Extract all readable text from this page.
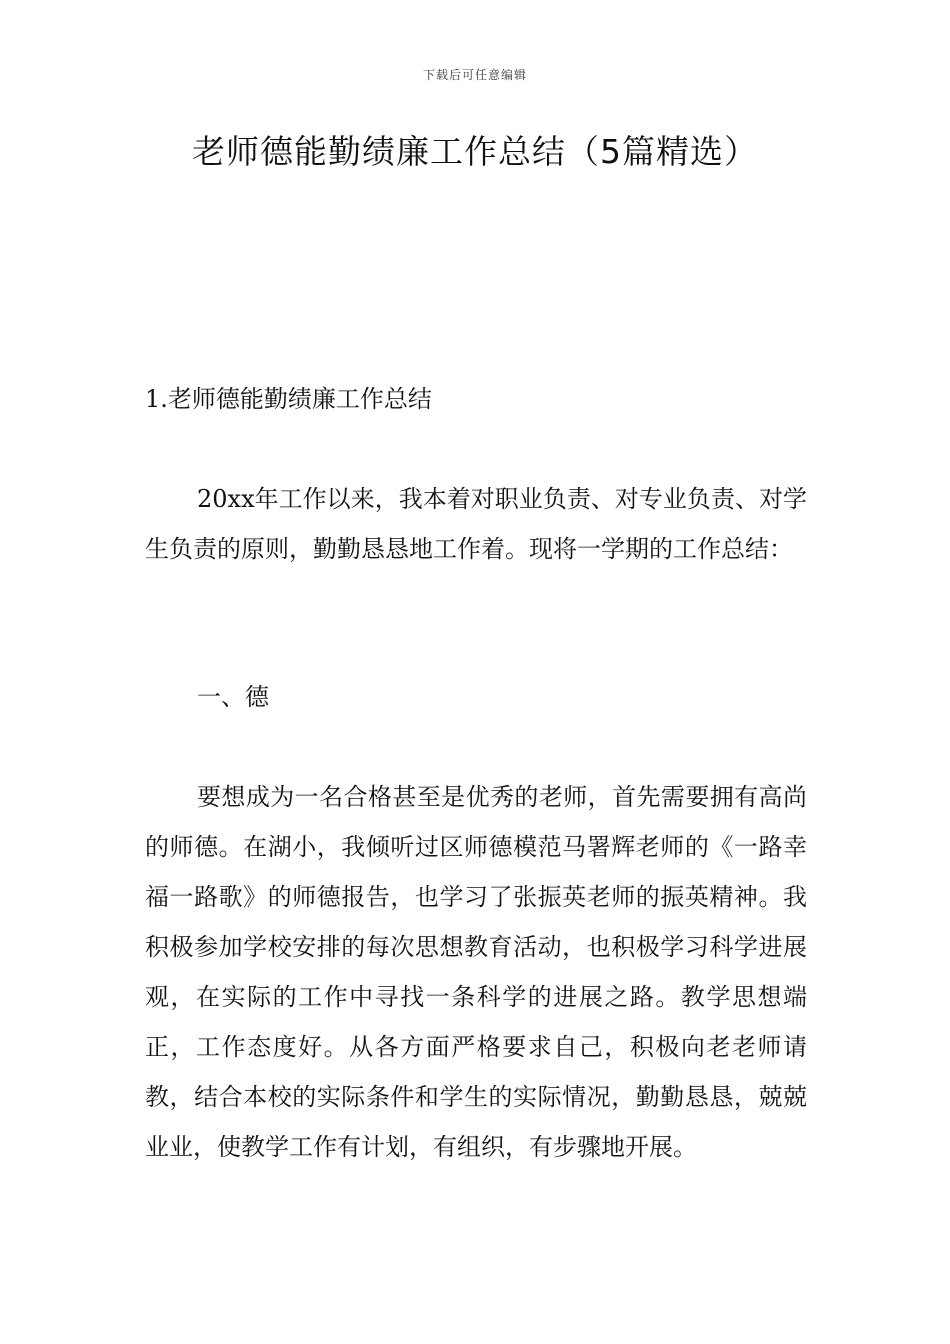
下载后可任意编辑
老师德能勤绩廉工作总结（5篇精选）
1.老师德能勤绩廉工作总结

20xx年工作以来，我本着对职业负责、对专业负责、对学生负责的原则，勤勤恳恳地工作着。现将一学期的工作总结：

一、德

要想成为一名合格甚至是优秀的老师，首先需要拥有高尚的师德。在湖小，我倾听过区师德模范马署辉老师的《一路幸福一路歌》的师德报告，也学习了张振英老师的振英精神。我积极参加学校安排的每次思想教育活动，也积极学习科学进展观，在实际的工作中寻找一条科学的进展之路。教学思想端正，工作态度好。从各方面严格要求自己，积极向老老师请教，结合本校的实际条件和学生的实际情况，勤勤恳恳，兢兢业业，使教学工作有计划，有组织，有步骤地开展。
